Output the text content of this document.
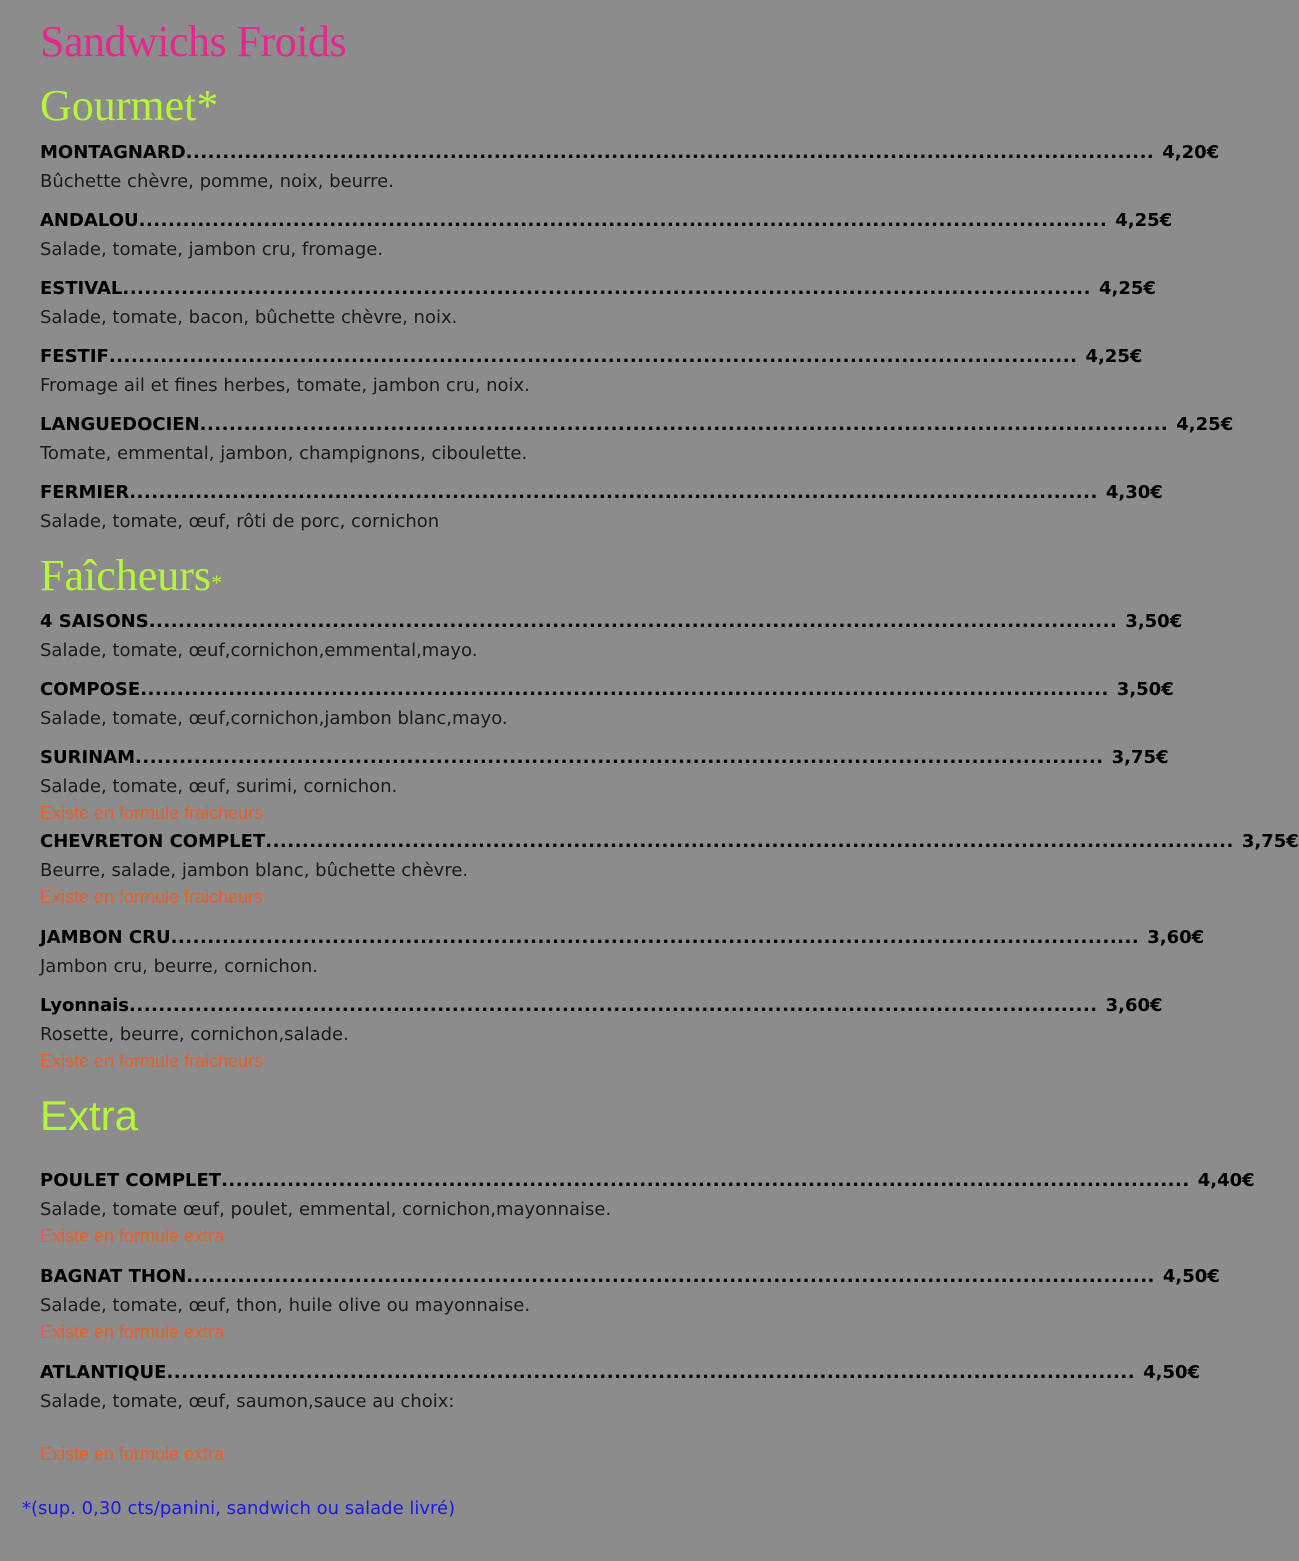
Sandwichs Froids
Gourmet*
Faîcheurs*
Extra
MONTAGNARD .................................................................................................................................... 4,20€
Bûchette chèvre, pomme, noix, beurre.
ANDALOU .................................................................................................................................... 4,25€
Salade, tomate, jambon cru, fromage.
ESTIVAL .................................................................................................................................... 4,25€
Salade, tomate, bacon, bûchette chèvre, noix.
FESTIF .................................................................................................................................... 4,25€
Fromage ail et fines herbes, tomate, jambon cru, noix.
LANGUEDOCIEN .................................................................................................................................... 4,25€
Tomate, emmental, jambon, champignons, ciboulette.
FERMIER .................................................................................................................................... 4,30€
Salade, tomate, œuf, rôti de porc, cornichon
4 SAISONS .................................................................................................................................... 3,50€
Salade, tomate, œuf,cornichon,emmental,mayo.
COMPOSE .................................................................................................................................... 3,50€
Salade, tomate, œuf,cornichon,jambon blanc,mayo.
SURINAM .................................................................................................................................... 3,75€
Salade, tomate, œuf, surimi, cornichon.
Existe en formule fraicheurs
CHEVRETON COMPLET .................................................................................................................................... 3,75€
Beurre, salade, jambon blanc, bûchette chèvre.
Existe en formule fraicheurs
JAMBON CRU .................................................................................................................................... 3,60€
Jambon cru, beurre, cornichon.
Lyonnais .................................................................................................................................... 3,60€
Rosette, beurre, cornichon,salade.
Existe en formule fraicheurs
POULET COMPLET .................................................................................................................................... 4,40€
Salade, tomate œuf, poulet, emmental, cornichon,mayonnaise.
Existe en formule extra
BAGNAT THON .................................................................................................................................... 4,50€
Salade, tomate, œuf, thon, huile olive ou mayonnaise.
Existe en formule extra
ATLANTIQUE .................................................................................................................................... 4,50€
Salade, tomate, œuf, saumon,sauce au choix:
Existe en formule extra
*(sup. 0,30 cts/panini, sandwich ou salade livré)
